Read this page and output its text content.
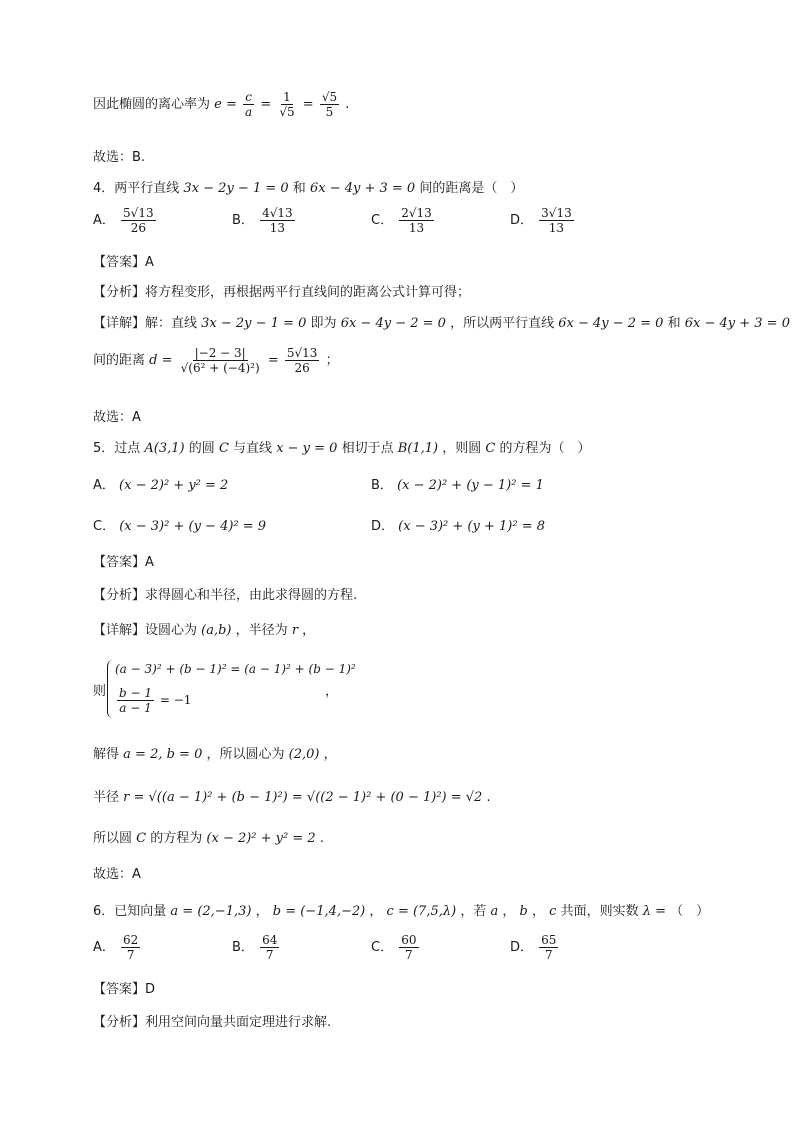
因此椭圆的离心率为 $e = \frac{c}{a} = \frac{1}{√5} = \frac{√5}{5}$ .
故选：B.
4．两平行直线 3x − 2y − 1 = 0 和 6x − 4y + 3 = 0 间的距离是（　）
A． $\frac{5√13}{26}$	B． $\frac{4√13}{13}$	C． $\frac{2√13}{13}$	D． $\frac{3√13}{13}$
【答案】A
【分析】将方程变形，再根据两平行直线间的距离公式计算可得；
【详解】解：直线 3x − 2y − 1 = 0 即为 6x − 4y − 2 = 0 ，所以两平行直线 6x − 4y − 2 = 0 和 6x − 4y + 3 = 0
间的距离 $d = \frac{|-2 - 3|}{\text{√(6² + (−4)²)}} = \frac{5√13}{26}$ ；
故选：A
5．过点 A(3,1) 的圆 C 与直线 x − y = 0 相切于点 B(1,1) ，则圆 C 的方程为（　）
A． (x − 2)² + y² = 2	B． (x − 2)² + (y − 1)² = 1
C． (x − 3)² + (y − 4)² = 9	D． (x − 3)² + (y + 1)² = 8
【答案】A
【分析】求得圆心和半径，由此求得圆的方程.
【详解】设圆心为 (a,b) ，半径为 r ，
则
(a − 3)² + (b − 1)² = (a − 1)² + (b − 1)²
$\frac{b - 1}{a - 1} = -1$
，
解得 a = 2, b = 0 ，所以圆心为 (2,0) ，
半径 r = √((a − 1)² + (b − 1)²) = √((2 − 1)² + (0 − 1)²) = √2 .
所以圆 C 的方程为 (x − 2)² + y² = 2 .
故选：A
6．已知向量 a = (2,−1,3) ， b = (−1,4,−2) ， c = (7,5,λ) ，若 a ， b ， c 共面，则实数 λ = （　）
A． $\frac{62}{7}$	B． $\frac{64}{7}$	C． $\frac{60}{7}$	D． $\frac{65}{7}$
【答案】D
【分析】利用空间向量共面定理进行求解.
